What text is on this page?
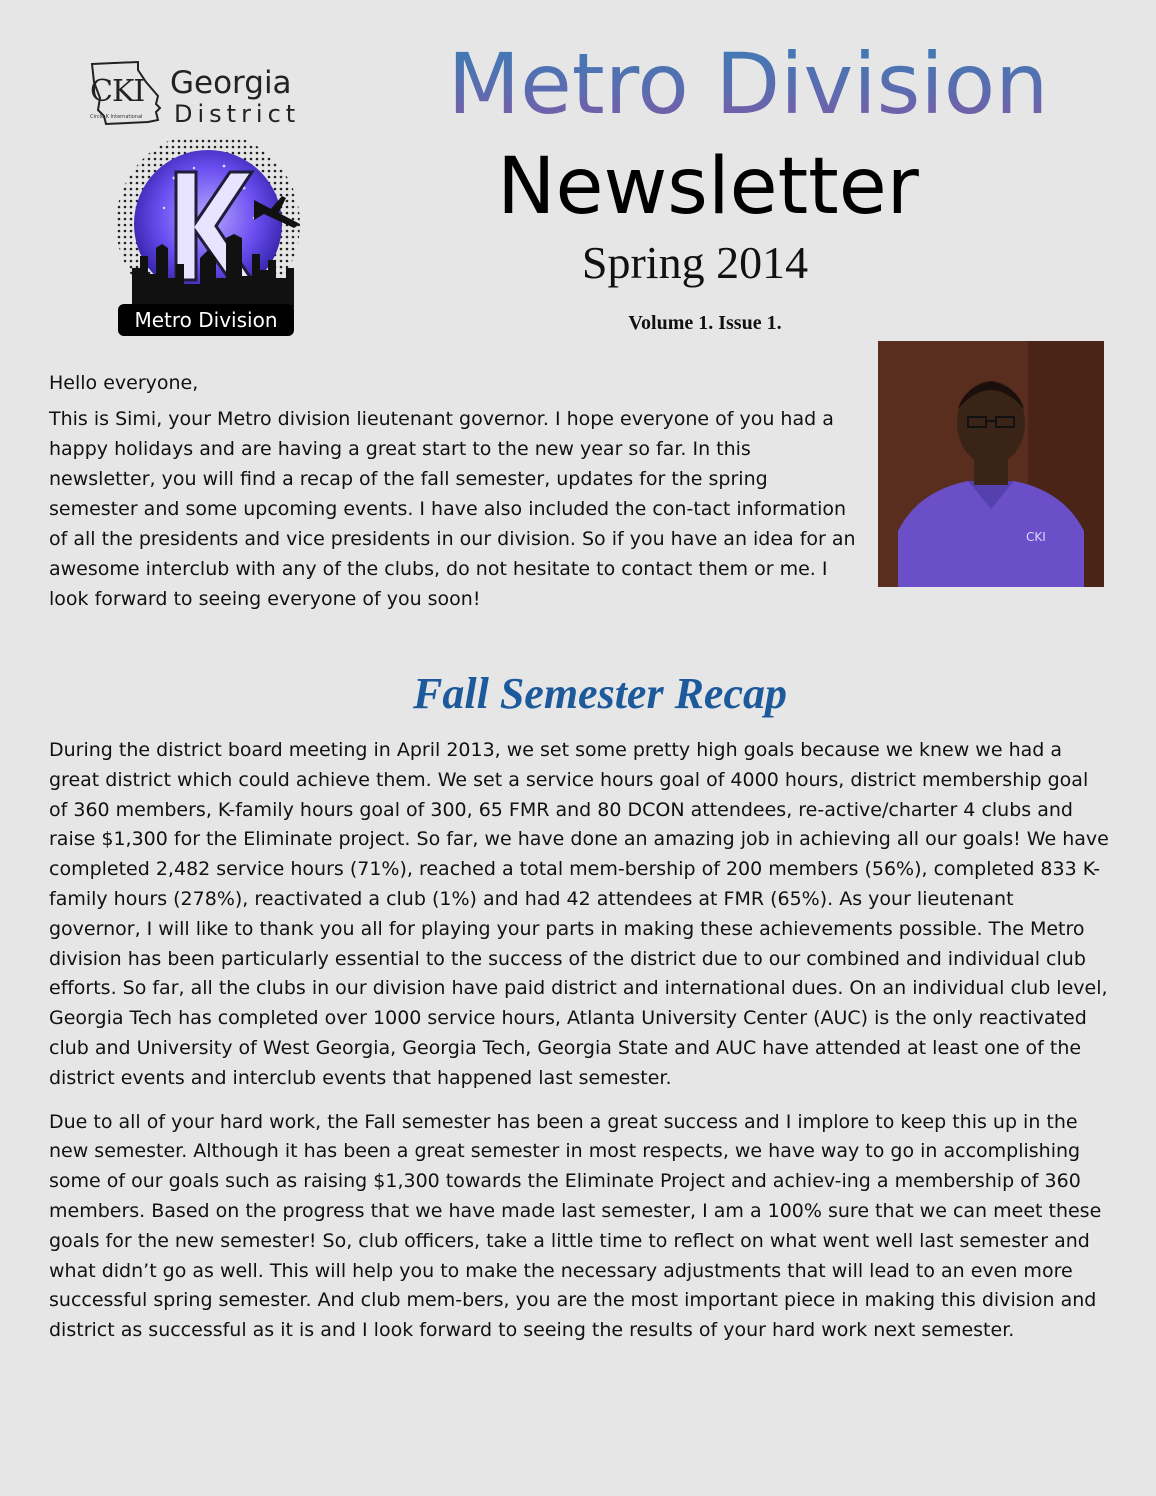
CKI
Circle K International
Georgia
District
Metro Division
Metro Division
Newsletter
Spring 2014
Volume 1. Issue 1.
CKI

Hello everyone,

This is Simi, your Metro division lieutenant governor. I hope everyone of you had a happy holidays and are having a great start to the new year so far. In this newsletter, you will find a recap of the fall semester, updates for the spring semester and some upcoming events. I have also included the con-tact information of all the presidents and vice presidents in our division. So if you have an idea for an awesome interclub with any of the clubs, do not hesitate to contact them or me. I look forward to seeing everyone of you soon!

Fall Semester Recap

During the district board meeting in April 2013, we set some pretty high goals because we knew we had a great district which could achieve them. We set a service hours goal of 4000 hours, district membership goal of 360 members, K-family hours goal of 300, 65 FMR and 80 DCON attendees, re-active/charter 4 clubs and raise $1,300 for the Eliminate project. So far, we have done an amazing job in achieving all our goals! We have completed 2,482 service hours (71%), reached a total mem-bership of 200 members (56%), completed 833 K-family hours (278%), reactivated a club (1%) and had 42 attendees at FMR (65%). As your lieutenant governor, I will like to thank you all for playing your parts in making these achievements possible. The Metro division has been particularly essential to the success of the district due to our combined and individual club efforts. So far, all the clubs in our division have paid district and international dues. On an individual club level, Georgia Tech has completed over 1000 service hours, Atlanta University Center (AUC) is the only reactivated club and University of West Georgia, Georgia Tech, Georgia State and AUC have attended at least one of the district events and interclub events that happened last semester.

Due to all of your hard work, the Fall semester has been a great success and I implore to keep this up in the new semester. Although it has been a great semester in most respects, we have way to go in accomplishing some of our goals such as raising $1,300 towards the Eliminate Project and achiev-ing a membership of 360 members. Based on the progress that we have made last semester, I am a 100% sure that we can meet these goals for the new semester! So, club officers, take a little time to reflect on what went well last semester and what didn’t go as well. This will help you to make the necessary adjustments that will lead to an even more successful spring semester. And club mem-bers, you are the most important piece in making this division and district as successful as it is and I look forward to seeing the results of your hard work next semester.
